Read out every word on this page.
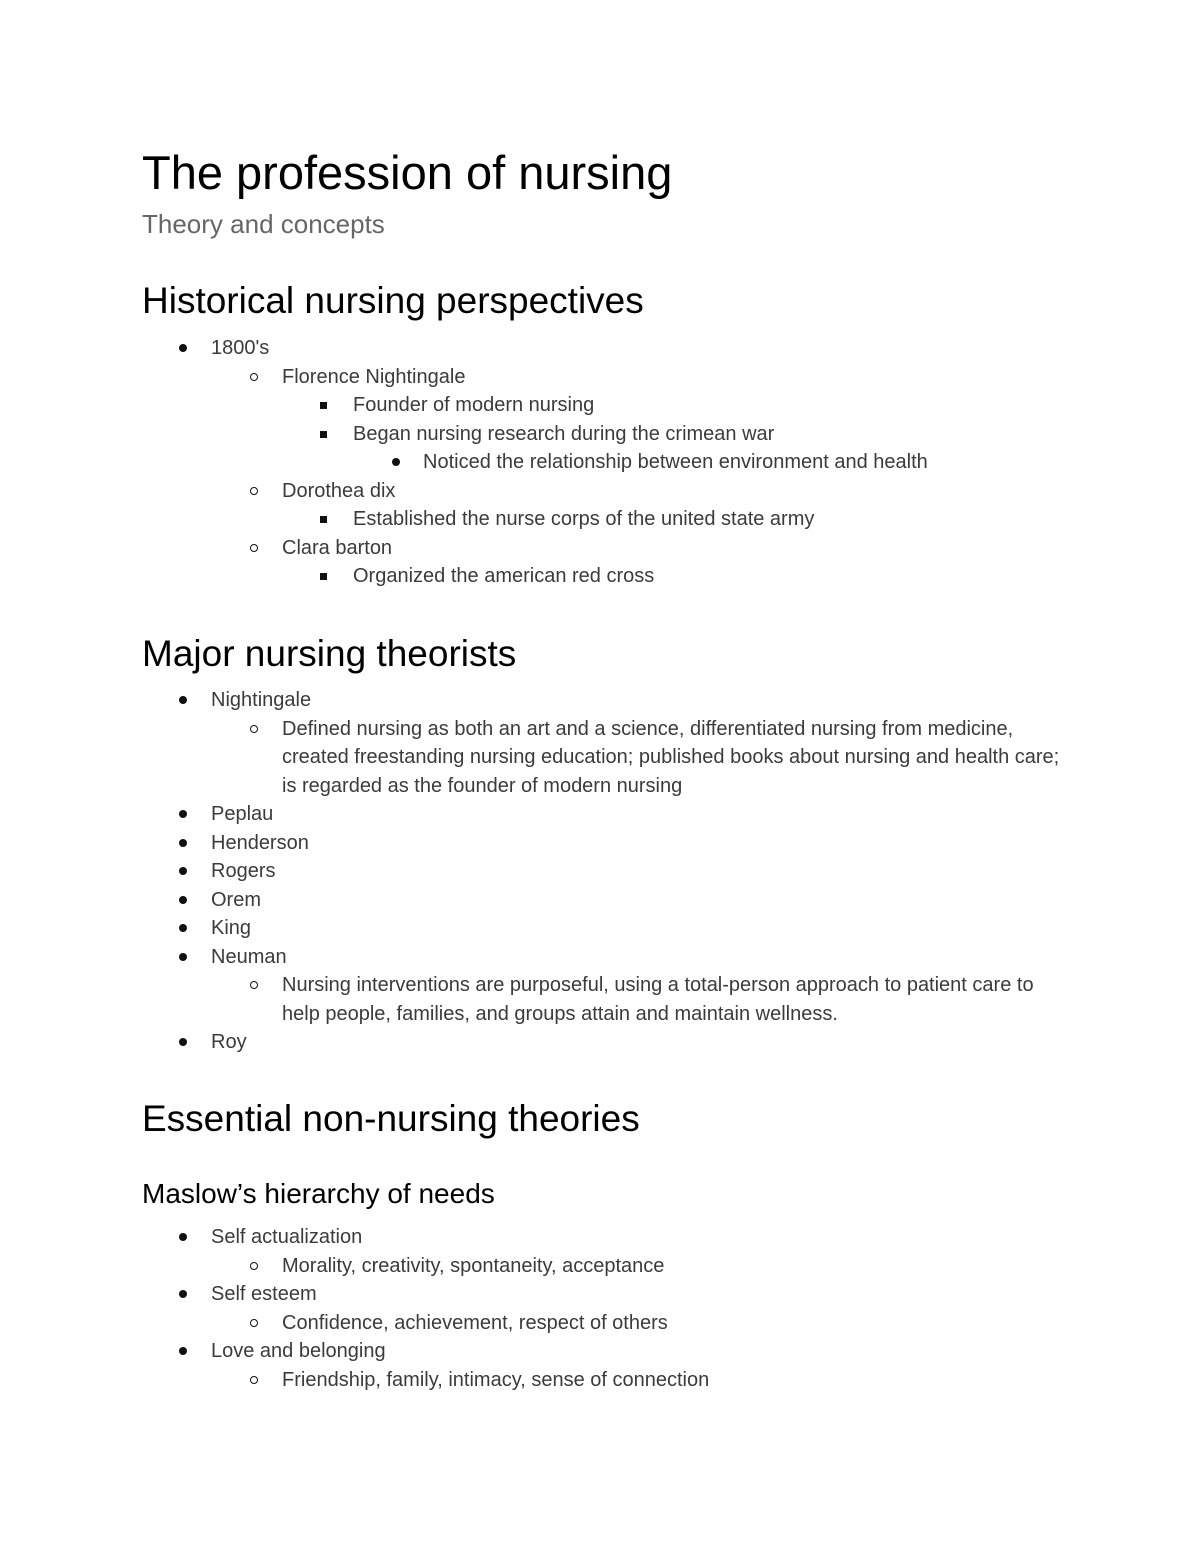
The profession of nursing
Theory and concepts
Historical nursing perspectives
1800's
Florence Nightingale
Founder of modern nursing
Began nursing research during the crimean war
Noticed the relationship between environment and health
Dorothea dix
Established the nurse corps of the united state army
Clara barton
Organized the american red cross
Major nursing theorists
Nightingale
Defined nursing as both an art and a science, differentiated nursing from medicine, created freestanding nursing education; published books about nursing and health care; is regarded as the founder of modern nursing
Peplau
Henderson
Rogers
Orem
King
Neuman
Nursing interventions are purposeful, using a total-person approach to patient care to help people, families, and groups attain and maintain wellness.
Roy
Essential non-nursing theories
Maslow’s hierarchy of needs
Self actualization
Morality, creativity, spontaneity, acceptance
Self esteem
Confidence, achievement, respect of others
Love and belonging
Friendship, family, intimacy, sense of connection
